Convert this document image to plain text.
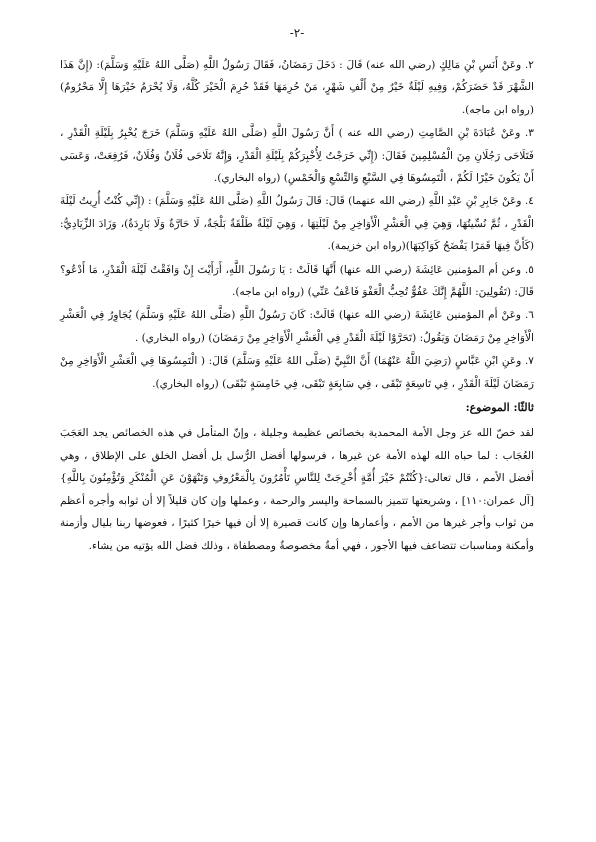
-٢-

٢. وعَنْ أَنَسِ بْنِ مَالِكٍ (رضي الله عنه) قَالَ : دَخَلَ رَمَضَانُ، فَقَالَ رَسُولُ اللَّهِ (صَلَّى اللهُ عَلَيْهِ وَسَلَّمَ): (إِنَّ هَذَا الشَّهْرَ قَدْ حَضَرَكُمْ، وَفِيهِ لَيْلَةٌ خَيْرٌ مِنْ أَلْفِ شَهْرٍ، مَنْ حُرِمَهَا فَقَدْ حُرِمَ الْخَيْرَ كُلَّهُ، وَلَا يُحْرَمُ خَيْرَهَا إِلَّا مَحْرُومٌ) (رواه ابن ماجه).

٣. وعَنْ عُبَادَةَ بْنِ الصَّامِتِ (رضي الله عنه ) أَنَّ رَسُولَ اللَّهِ (صَلَّى اللهُ عَلَيْهِ وَسَلَّمَ) خَرَجَ يُخْبِرُ بِلَيْلَةِ الْقَدْرِ ، فَتَلَاحَى رَجُلَانِ مِنَ الْمُسْلِمِينَ فَقَالَ: (إِنِّي خَرَجْتُ لِأُخْبِرَكُمْ بِلَيْلَةِ الْقَدْرِ، وَإِنَّهُ تَلَاحَى فُلَانٌ وَفُلَانٌ، فَرُفِعَتْ، وَعَسَى أَنْ يَكُونَ خَيْرًا لَكُمْ ، الْتَمِسُوهَا فِي السَّبْعِ وَالتِّسْعِ وَالْخَمْسِ) (رواه البخاري).

٤. وعَنْ جَابِرِ بْنِ عَبْدِ اللَّهِ (رضي الله عنهما) قَالَ: قَالَ رَسُولُ اللَّهِ (صَلَّى اللهُ عَلَيْهِ وَسَلَّمَ) : (إِنِّي كُنْتُ أُرِيتُ لَيْلَةَ الْقَدْرِ ، ثُمَّ نُسِّيتُهَا، وَهِيَ فِي الْعَشْرِ الْأَوَاخِرِ مِنْ لَيْلَتِهَا ، وَهِيَ لَيْلَةٌ طَلْقَةٌ بَلْجَةٌ، لَا حَارَّةٌ وَلَا بَارِدَةٌ)، وَزَادَ الزِّيَادِيُّ: (كَأَنَّ فِيهَا قَمَرًا يَفْضَحُ كَوَاكِبَهَا)(رواه ابن خزيمة).

٥. وعن أم المؤمنين عَائِشَةَ (رضي الله عنها) أَنَّهَا قَالَتْ : يَا رَسُولَ اللَّهِ، أَرَأَيْتَ إِنْ وَافَقْتُ لَيْلَةَ الْقَدْرِ، مَا أَدْعُو؟ قَالَ: (تَقُولِينَ: اللَّهُمَّ إِنَّكَ عَفُوٌّ تُحِبُّ الْعَفْوَ فَاعْفُ عَنِّي) (رواه ابن ماجه).

٦. وعَنْ أم المؤمنين عَائِشَةَ (رضي الله عنها) قَالَتْ: كَانَ رَسُولُ اللَّهِ (صَلَّى اللهُ عَلَيْهِ وَسَلَّمَ) يُجَاوِرُ فِي الْعَشْرِ الْأَوَاخِرِ مِنْ رَمَضَانَ وَيَقُولُ: (تَحَرَّوْا لَيْلَةَ الْقَدْرِ فِي الْعَشْرِ الْأَوَاخِرِ مِنْ رَمَضَانَ) (رواه البخاري) .

٧. وعَنِ ابْنِ عَبَّاسٍ (رَضِيَ اللَّهُ عَنْهُمَا) أَنَّ النَّبِيَّ (صَلَّى اللهُ عَلَيْهِ وَسَلَّمَ) قَالَ: ( الْتَمِسُوهَا فِي الْعَشْرِ الْأَوَاخِرِ مِنْ رَمَضَانَ لَيْلَةَ الْقَدْرِ ، فِي تَاسِعَةٍ تَبْقَى ، فِي سَابِعَةٍ تَبْقَى، فِي خَامِسَةٍ تَبْقَى) (رواه البخاري).

ثالثًا: الموضوع:

لقد خصّ الله عز وجل الأمة المحمدية بخصائص عظيمة وجليلة ، وإنّ المتأمل في هذه الخصائص يجد العَجَبَ العُجَاب : لما حباه الله لهذه الأمة عن غيرها ، فرسولها أفضل الرُّسل بل أفضل الخلق على الإطلاق ، وهي أفضل الأمم ، قال تعالى:{كُنْتُمْ خَيْرَ أُمَّةٍ أُخْرِجَتْ لِلنَّاسِ تَأْمُرُونَ بِالْمَعْرُوفِ وَتَنْهَوْنَ عَنِ الْمُنْكَرِ وَتُؤْمِنُونَ بِاللَّهِ}[آل عمران:١١٠] ، وشريعتها تتميز بالسماحة واليسر والرحمة ، وعملها وإن كان قليلاً إلا أن ثوابه وأجره أعظم من ثواب وأجر غيرها من الأمم ، وأعمارها وإن كانت قصيرة إلا أن فيها خيرًا كثيرًا ، فعوضها ربنا بليال وأزمنة وأمكنة ومناسبات تتضاعف فيها الأجور ، فهي أمةٌ مخصوصةٌ ومصطفاة ، وذلك فضل الله يؤتيه من يشاء.
